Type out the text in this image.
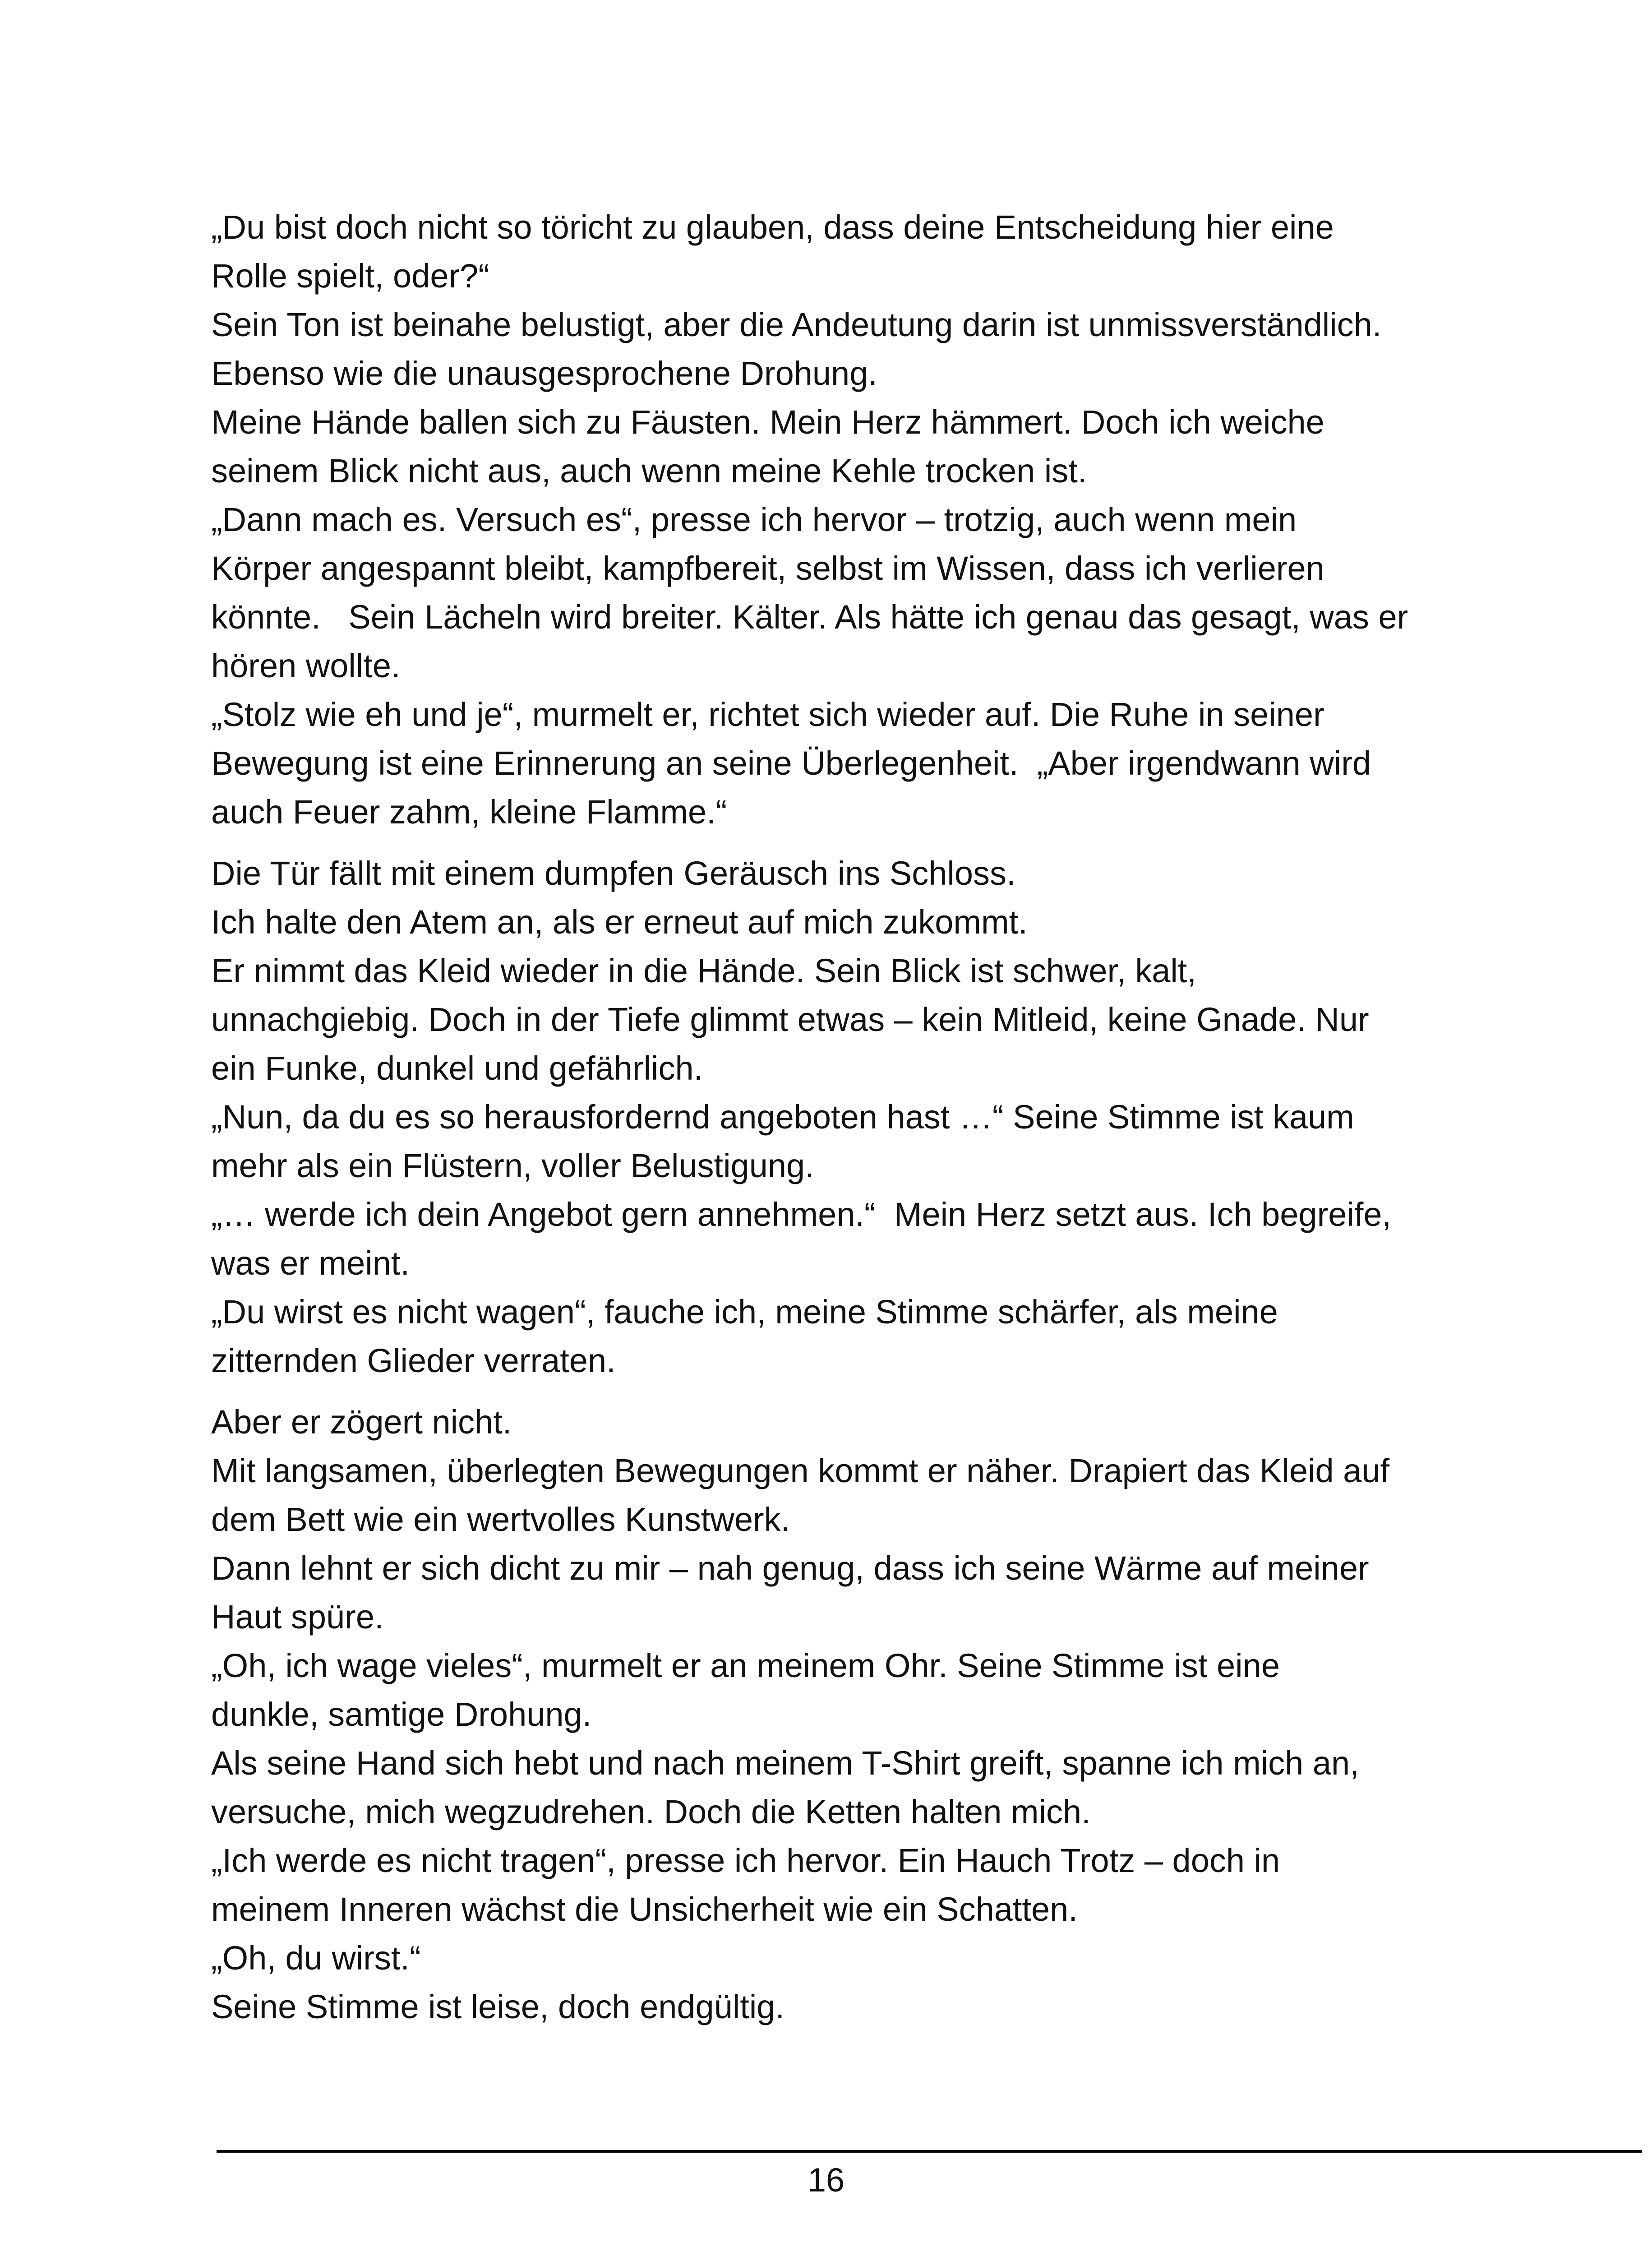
„Du bist doch nicht so töricht zu glauben, dass deine Entscheidung hier eine
Rolle spielt, oder?“
Sein Ton ist beinahe belustigt, aber die Andeutung darin ist unmissverständlich.
Ebenso wie die unausgesprochene Drohung.
Meine Hände ballen sich zu Fäusten. Mein Herz hämmert. Doch ich weiche
seinem Blick nicht aus, auch wenn meine Kehle trocken ist.
„Dann mach es. Versuch es“, presse ich hervor – trotzig, auch wenn mein
Körper angespannt bleibt, kampfbereit, selbst im Wissen, dass ich verlieren
könnte.   Sein Lächeln wird breiter. Kälter. Als hätte ich genau das gesagt, was er
hören wollte.
„Stolz wie eh und je“, murmelt er, richtet sich wieder auf. Die Ruhe in seiner
Bewegung ist eine Erinnerung an seine Überlegenheit.  „Aber irgendwann wird
auch Feuer zahm, kleine Flamme.“
Die Tür fällt mit einem dumpfen Geräusch ins Schloss.
Ich halte den Atem an, als er erneut auf mich zukommt.
Er nimmt das Kleid wieder in die Hände. Sein Blick ist schwer, kalt,
unnachgiebig. Doch in der Tiefe glimmt etwas – kein Mitleid, keine Gnade. Nur
ein Funke, dunkel und gefährlich.
„Nun, da du es so herausfordernd angeboten hast …“ Seine Stimme ist kaum
mehr als ein Flüstern, voller Belustigung.
„… werde ich dein Angebot gern annehmen.“  Mein Herz setzt aus. Ich begreife,
was er meint.
„Du wirst es nicht wagen“, fauche ich, meine Stimme schärfer, als meine
zitternden Glieder verraten.
Aber er zögert nicht.
Mit langsamen, überlegten Bewegungen kommt er näher. Drapiert das Kleid auf
dem Bett wie ein wertvolles Kunstwerk.
Dann lehnt er sich dicht zu mir – nah genug, dass ich seine Wärme auf meiner
Haut spüre.
„Oh, ich wage vieles“, murmelt er an meinem Ohr. Seine Stimme ist eine
dunkle, samtige Drohung.
Als seine Hand sich hebt und nach meinem T-Shirt greift, spanne ich mich an,
versuche, mich wegzudrehen. Doch die Ketten halten mich.
„Ich werde es nicht tragen“, presse ich hervor. Ein Hauch Trotz – doch in
meinem Inneren wächst die Unsicherheit wie ein Schatten.
„Oh, du wirst.“
Seine Stimme ist leise, doch endgültig.
16
